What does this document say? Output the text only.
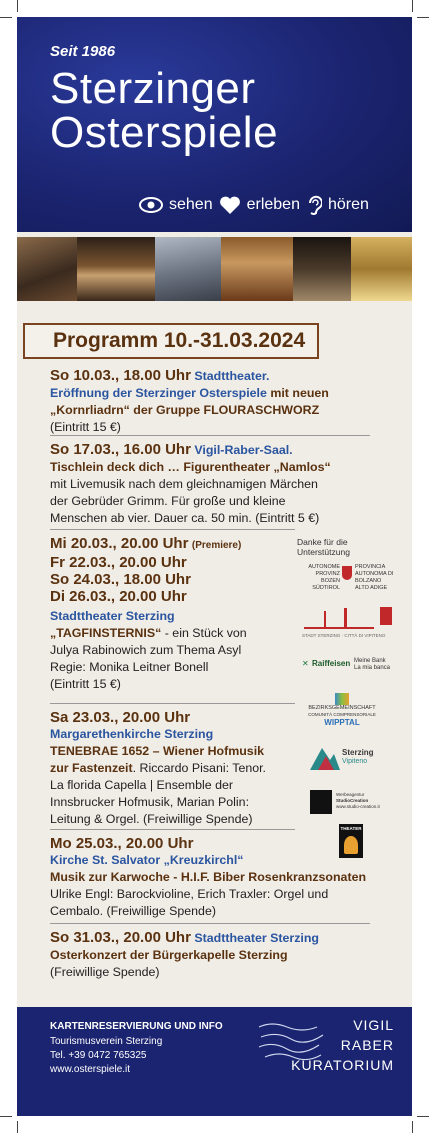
Seit 1986
Sterzinger
Osterspiele
sehen erleben hören
Programm 10.-31.03.2024
So 10.03., 18.00 Uhr Stadttheater.
Eröffnung der Sterzinger Osterspiele mit neuen
„Kornrliadrn“ der Gruppe FLOURASCHWORZ
(Eintritt 15 €)
So 17.03., 16.00 Uhr Vigil-Raber-Saal.
Tischlein deck dich … Figurentheater „Namlos“
mit Livemusik nach dem gleichnamigen Märchen
der Gebrüder Grimm. Für große und kleine
Menschen ab vier. Dauer ca. 50 min. (Eintritt 5 €)
Mi 20.03., 20.00 Uhr (Premiere)
Fr 22.03., 20.00 Uhr
So 24.03., 18.00 Uhr
Di 26.03., 20.00 Uhr
Stadttheater Sterzing
„TAGFINSTERNIS“ - ein Stück von
Julya Rabinowich zum Thema Asyl
Regie: Monika Leitner Bonell
(Eintritt 15 €)
Sa 23.03., 20.00 Uhr
Margarethenkirche Sterzing
TENEBRAE 1652 – Wiener Hofmusik
zur Fastenzeit. Riccardo Pisani: Tenor.
La florida Capella | Ensemble der
Innsbrucker Hofmusik, Marian Polin:
Leitung & Orgel. (Freiwillige Spende)
Mo 25.03., 20.00 Uhr
Kirche St. Salvator „Kreuzkirchl“
Musik zur Karwoche - H.I.F. Biber Rosenkranzsonaten
Ulrike Engl: Barockvioline, Erich Traxler: Orgel und
Cembalo. (Freiwillige Spende)
So 31.03., 20.00 Uhr Stadttheater Sterzing
Osterkonzert der Bürgerkapelle Sterzing
(Freiwillige Spende)
Danke für die Unterstützung
AUTONOME PROVINZ BOZEN SÜDTIROL
PROVINCIA AUTONOMA DI BOLZANO ALTO ADIGE
STADT STERZING · CITTÀ DI VIPITENO
✕ Raiffeisen Meine Bank
La mia banca
BEZIRKSGEMEINSCHAFT
COMUNITÀ COMPRENSORIALE
WIPPTAL
Sterzing
Vipiteno
Werbeagentur
StudioCreation
www.studio-creation.it
THEATER
KARTENRESERVIERUNG UND INFO
Tourismusverein Sterzing
Tel. +39 0472 765325
www.osterspiele.it
VIGIL
RABER
KURATORIUM
